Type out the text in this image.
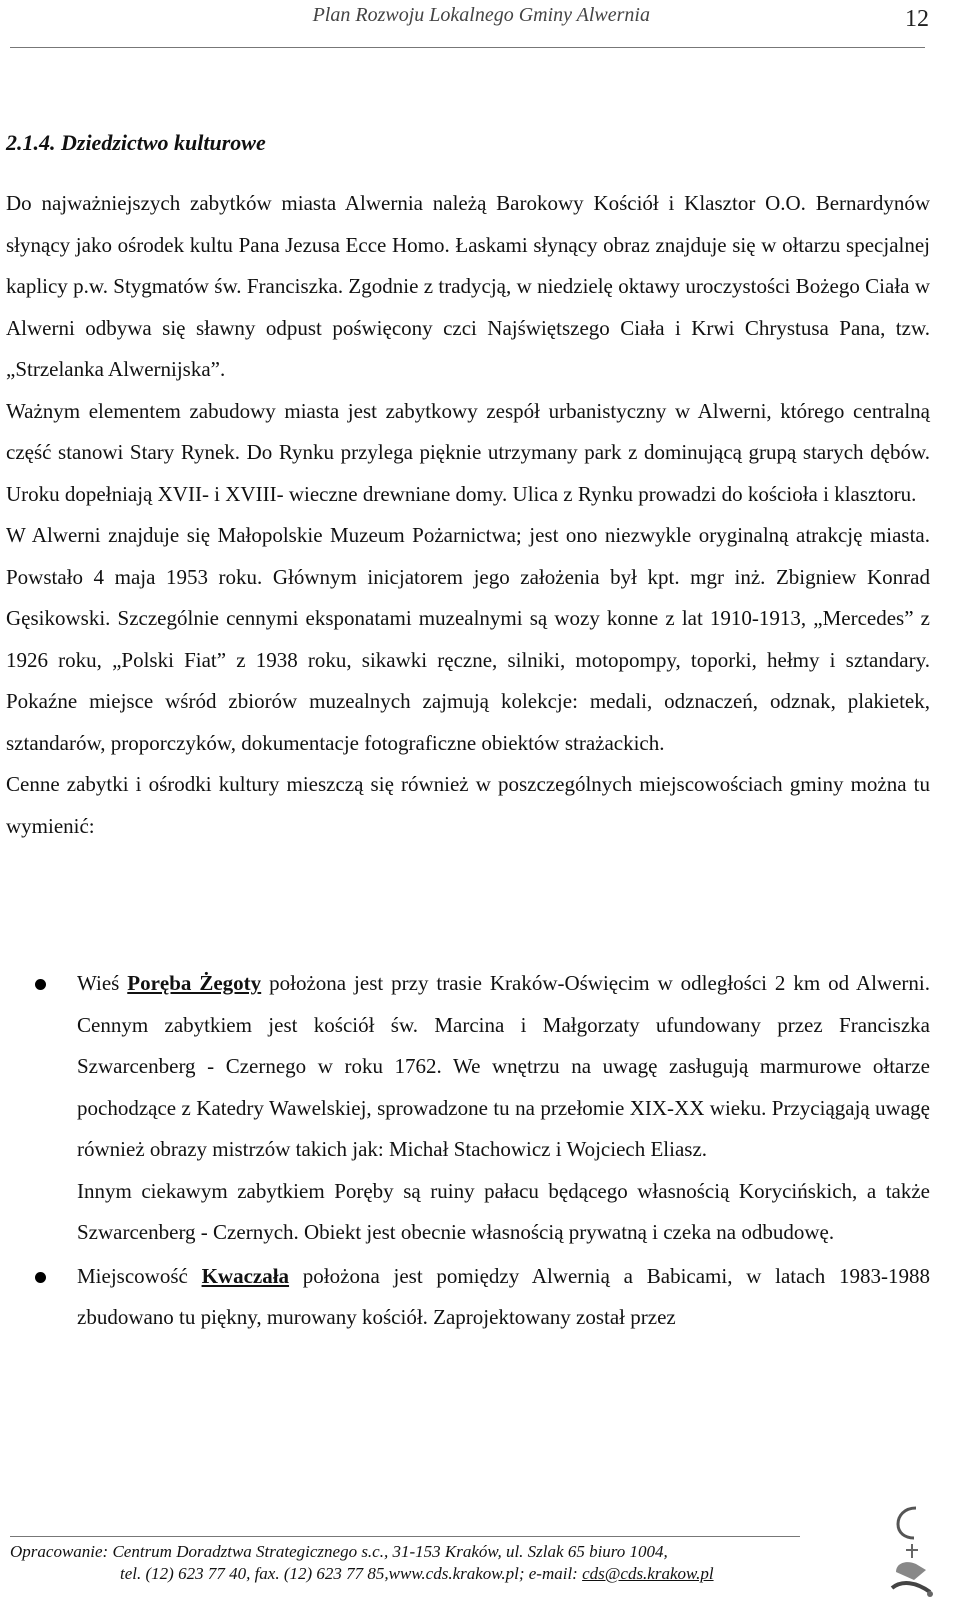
Plan Rozwoju Lokalnego Gminy Alwernia	12
2.1.4. Dziedzictwo kulturowe

Do najważniejszych zabytków miasta Alwernia należą Barokowy Kościół i Klasztor O.O. Bernardynów słynący jako ośrodek kultu Pana Jezusa Ecce Homo. Łaskami słynący obraz znajduje się w ołtarzu specjalnej kaplicy p.w. Stygmatów św. Franciszka. Zgodnie z tradycją, w niedzielę oktawy uroczystości Bożego Ciała w Alwerni odbywa się sławny odpust poświęcony czci Najświętszego Ciała i Krwi Chrystusa Pana, tzw. „Strzelanka Alwernijska”.

Ważnym elementem zabudowy miasta jest zabytkowy zespół urbanistyczny w Alwerni, którego centralną część stanowi Stary Rynek. Do Rynku przylega pięknie utrzymany park z dominującą grupą starych dębów. Uroku dopełniają XVII- i XVIII- wieczne drewniane domy. Ulica z Rynku prowadzi do kościoła i klasztoru.

W Alwerni znajduje się Małopolskie Muzeum Pożarnictwa; jest ono niezwykle oryginalną atrakcję miasta. Powstało 4 maja 1953 roku. Głównym inicjatorem jego założenia był kpt. mgr inż. Zbigniew Konrad Gęsikowski. Szczególnie cennymi eksponatami muzealnymi są wozy konne z lat 1910-1913, „Mercedes” z 1926 roku, „Polski Fiat” z 1938 roku, sikawki ręczne, silniki, motopompy, toporki, hełmy i sztandary. Pokaźne miejsce wśród zbiorów muzealnych zajmują kolekcje: medali, odznaczeń, odznak, plakietek, sztandarów, proporczyków, dokumentacje fotograficzne obiektów strażackich.

Cenne zabytki i ośrodki kultury mieszczą się również w poszczególnych miejscowościach gminy można tu wymienić:

Wieś Poręba Żegoty położona jest przy trasie Kraków-Oświęcim w odległości 2 km od Alwerni. Cennym zabytkiem jest kościół św. Marcina i Małgorzaty ufundowany przez Franciszka Szwarcenberg - Czernego w roku 1762. We wnętrzu na uwagę zasługują marmurowe ołtarze pochodzące z Katedry Wawelskiej, sprowadzone tu na przełomie XIX-XX wieku. Przyciągają uwagę również obrazy mistrzów takich jak: Michał Stachowicz i Wojciech Eliasz.

Innym ciekawym zabytkiem Poręby są ruiny pałacu będącego własnością Korycińskich, a także Szwarcenberg - Czernych. Obiekt jest obecnie własnością prywatną i czeka na odbudowę.

Miejscowość Kwaczała położona jest pomiędzy Alwernią a Babicami, w latach 1983-1988 zbudowano tu piękny, murowany kościół. Zaprojektowany został przez

Opracowanie: Centrum Doradztwa Strategicznego s.c., 31-153 Kraków, ul. Szlak 65 biuro 1004,
tel. (12) 623 77 40, fax. (12) 623 77 85,www.cds.krakow.pl; e-mail: cds@cds.krakow.pl
